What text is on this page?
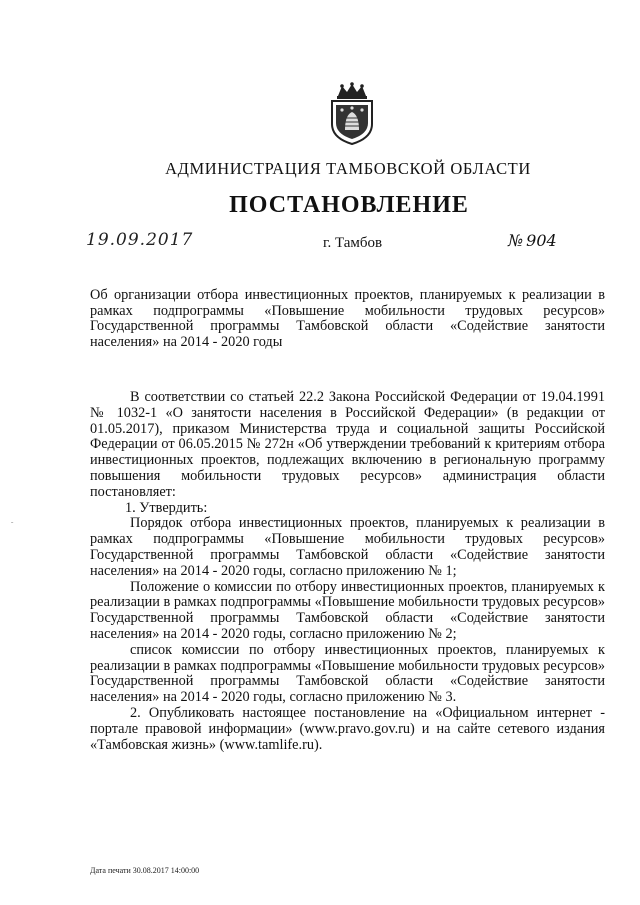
АДМИНИСТРАЦИЯ ТАМБОВСКОЙ ОБЛАСТИ
ПОСТАНОВЛЕНИЕ
19.09.2017	г. Тамбов	№ 904
Об организации отбора инвестиционных проектов, планируемых к реализации в рамках подпрограммы «Повышение мобильности трудовых ресурсов» Государственной программы Тамбовской области «Содействие занятости населения» на 2014 - 2020 годы

В соответствии со статьей 22.2 Закона Российской Федерации от 19.04.1991 № 1032-1 «О занятости населения в Российской Федерации» (в редакции от 01.05.2017), приказом Министерства труда и социальной защиты Российской Федерации от 06.05.2015 № 272н «Об утверждении требований к критериям отбора инвестиционных проектов, подлежащих включению в региональную программу повышения мобильности трудовых ресурсов» администрация области постановляет:

1. Утвердить:

Порядок отбора инвестиционных проектов, планируемых к реализации в рамках подпрограммы «Повышение мобильности трудовых ресурсов» Государственной программы Тамбовской области «Содействие занятости населения» на 2014 - 2020 годы, согласно приложению № 1;

Положение о комиссии по отбору инвестиционных проектов, планируемых к реализации в рамках подпрограммы «Повышение мобильности трудовых ресурсов» Государственной программы Тамбовской области «Содействие занятости населения» на 2014 - 2020 годы, согласно приложению № 2;

список комиссии по отбору инвестиционных проектов, планируемых к реализации в рамках подпрограммы «Повышение мобильности трудовых ресурсов» Государственной программы Тамбовской области «Содействие занятости населения» на 2014 - 2020 годы, согласно приложению № 3.

2. Опубликовать настоящее постановление на «Официальном интернет - портале правовой информации» (www.pravo.gov.ru) и на сайте сетевого издания «Тамбовская жизнь» (www.tamlife.ru).

Дата печати 30.08.2017 14:00:00
ˇ
